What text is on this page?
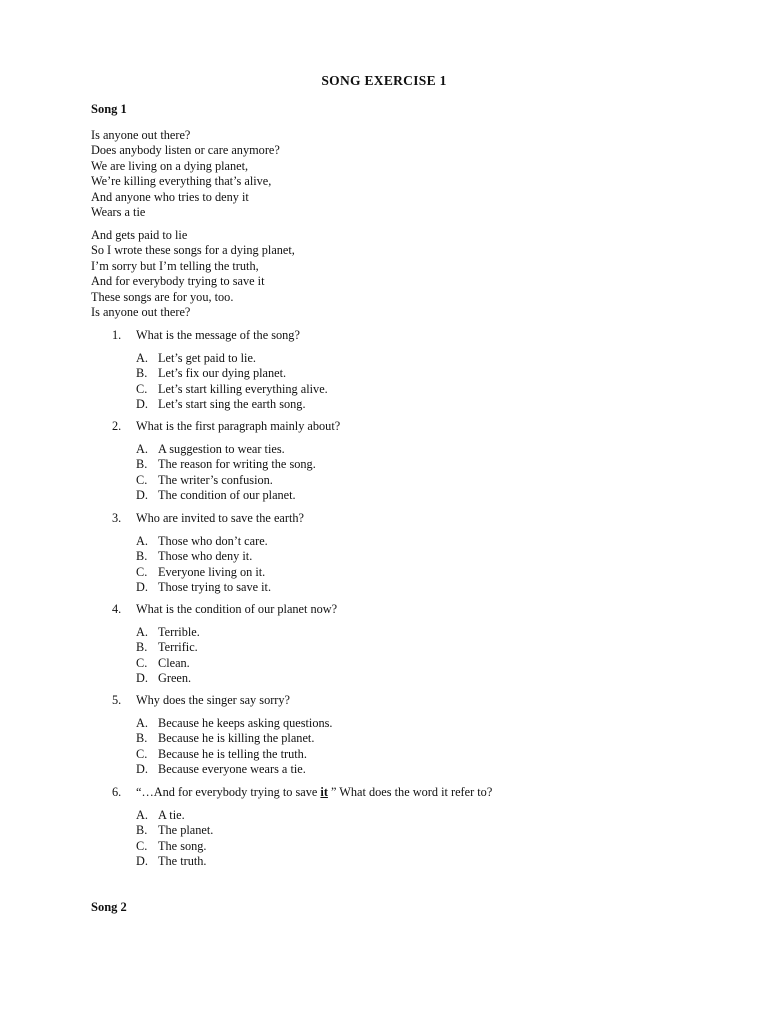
SONG EXERCISE 1
Song 1
Is anyone out there?
Does anybody listen or care anymore?
We are living on a dying planet,
We’re killing everything that’s alive,
And anyone who tries to deny it
Wears a tie
And gets paid to lie
So I wrote these songs for a dying planet,
I’m sorry but I’m telling the truth,
And for everybody trying to save it
These songs are for you, too.
Is anyone out there?
1.	What is the message of the song?
A. Let’s get paid to lie.
B. Let’s fix our dying planet.
C. Let’s start killing everything alive.
D. Let’s start sing the earth song.
2.	What is the first paragraph mainly about?
A. A suggestion to wear ties.
B. The reason for writing the song.
C. The writer’s confusion.
D. The condition of our planet.
3.	Who are invited to save the earth?
A. Those who don’t care.
B. Those who deny it.
C. Everyone living on it.
D. Those trying to save it.
4.	What is the condition of our planet now?
A. Terrible.
B. Terrific.
C. Clean.
D. Green.
5.	Why does the singer say sorry?
A. Because he keeps asking questions.
B. Because he is killing the planet.
C. Because he is telling the truth.
D. Because everyone wears a tie.
6.	“…And for everybody trying to save it ” What does the word it refer to?
A. A tie.
B. The planet.
C. The song.
D. The truth.
Song 2
